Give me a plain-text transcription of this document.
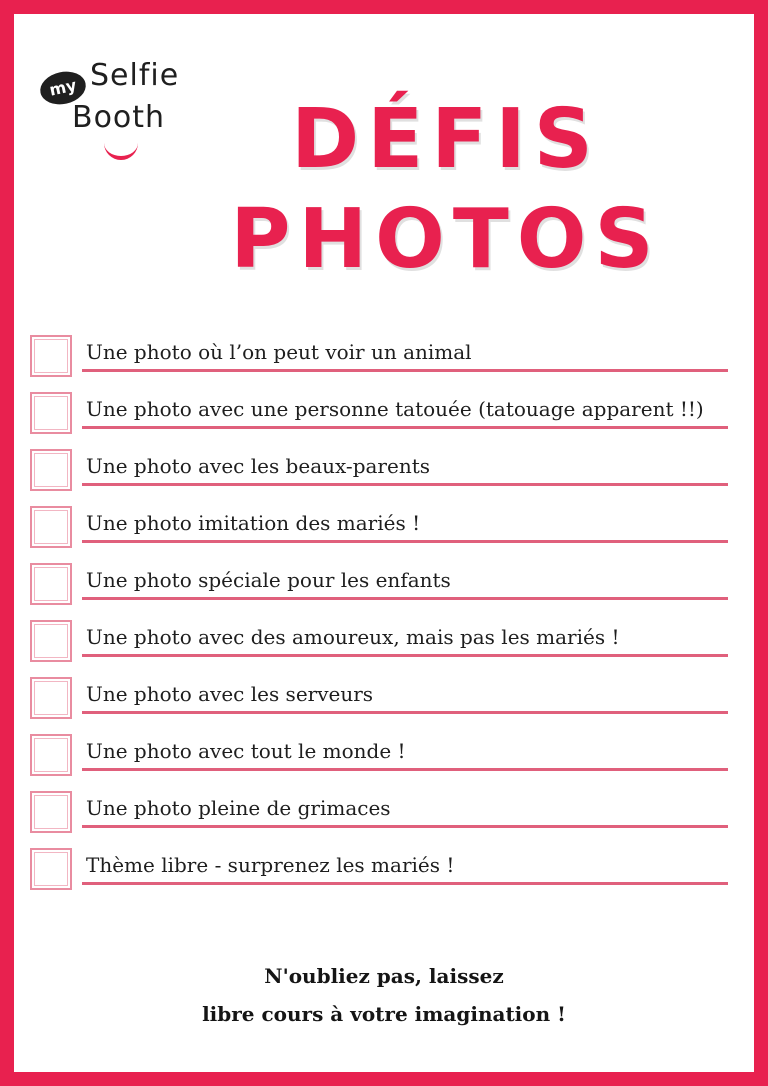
my Selfie
Booth	DÉFIS
PHOTOS
Une photo où l’on peut voir un animal
Une photo avec une personne tatouée (tatouage apparent !!)
Une photo avec les beaux-parents
Une photo imitation des mariés !
Une photo spéciale pour les enfants
Une photo avec des amoureux, mais pas les mariés !
Une photo avec les serveurs
Une photo avec tout le monde !
Une photo pleine de grimaces
Thème libre - surprenez les mariés !
N'oubliez pas, laissez
libre cours à votre imagination !
